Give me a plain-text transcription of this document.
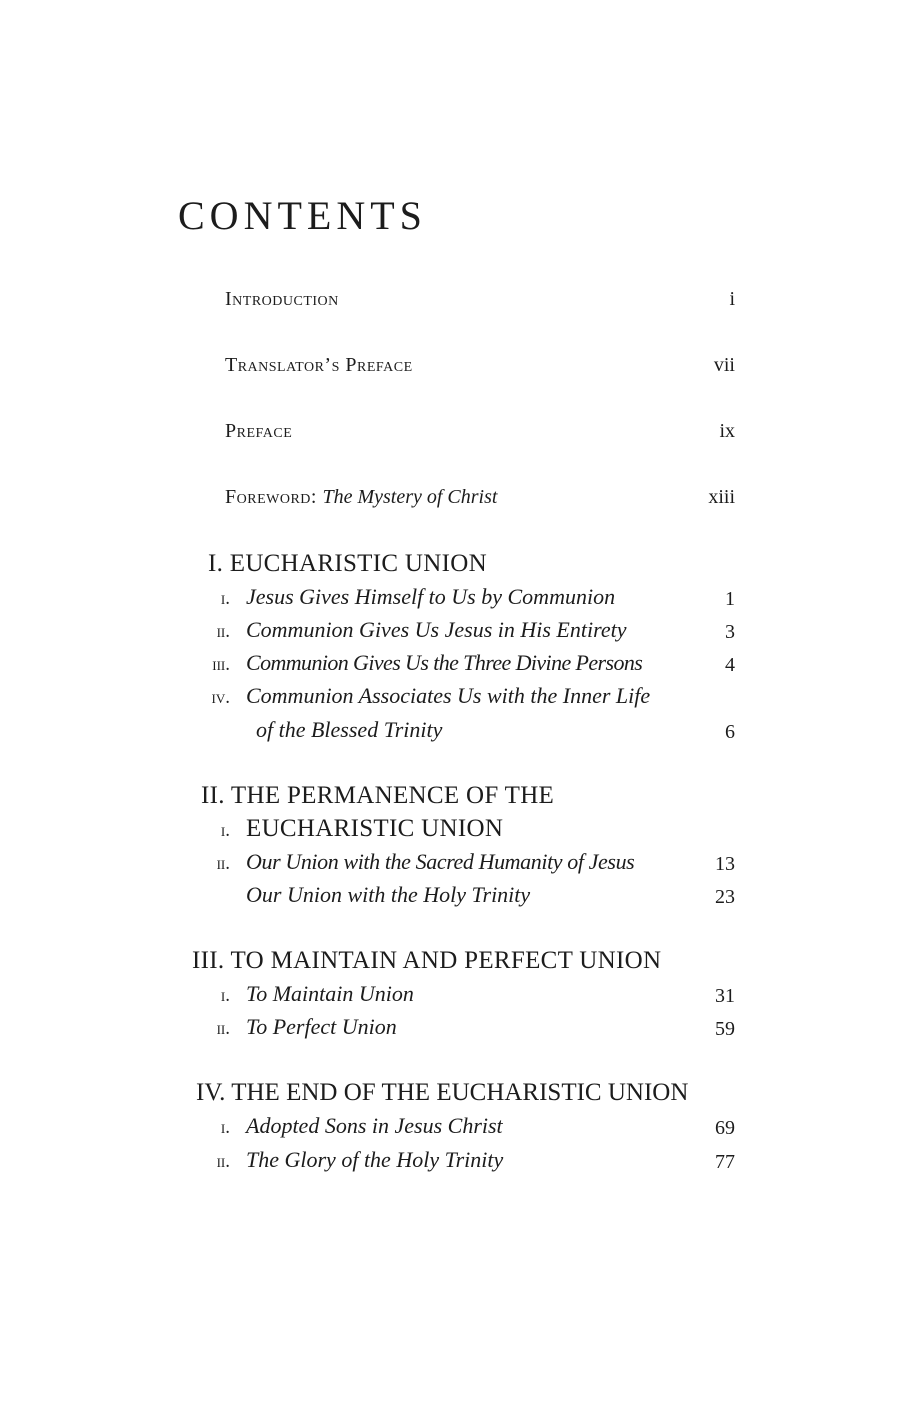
CONTENTS
Introduction	i
Translator’s Preface	vii
Preface	ix
Foreword: The Mystery of Christ	xiii
I. EUCHARISTIC UNION
i. Jesus Gives Himself to Us by Communion	1
ii. Communion Gives Us Jesus in His Entirety	3
iii. Communion Gives Us the Three Divine Persons	4
iv. Communion Associates Us with the Inner Life
of the Blessed Trinity	6
II. THE PERMANENCE OF THE
i. EUCHARISTIC UNION
ii. Our Union with the Sacred Humanity of Jesus	13
Our Union with the Holy Trinity	23
III. TO MAINTAIN AND PERFECT UNION
i. To Maintain Union	31
ii. To Perfect Union	59
IV. THE END OF THE EUCHARISTIC UNION
i. Adopted Sons in Jesus Christ	69
ii. The Glory of the Holy Trinity	77
